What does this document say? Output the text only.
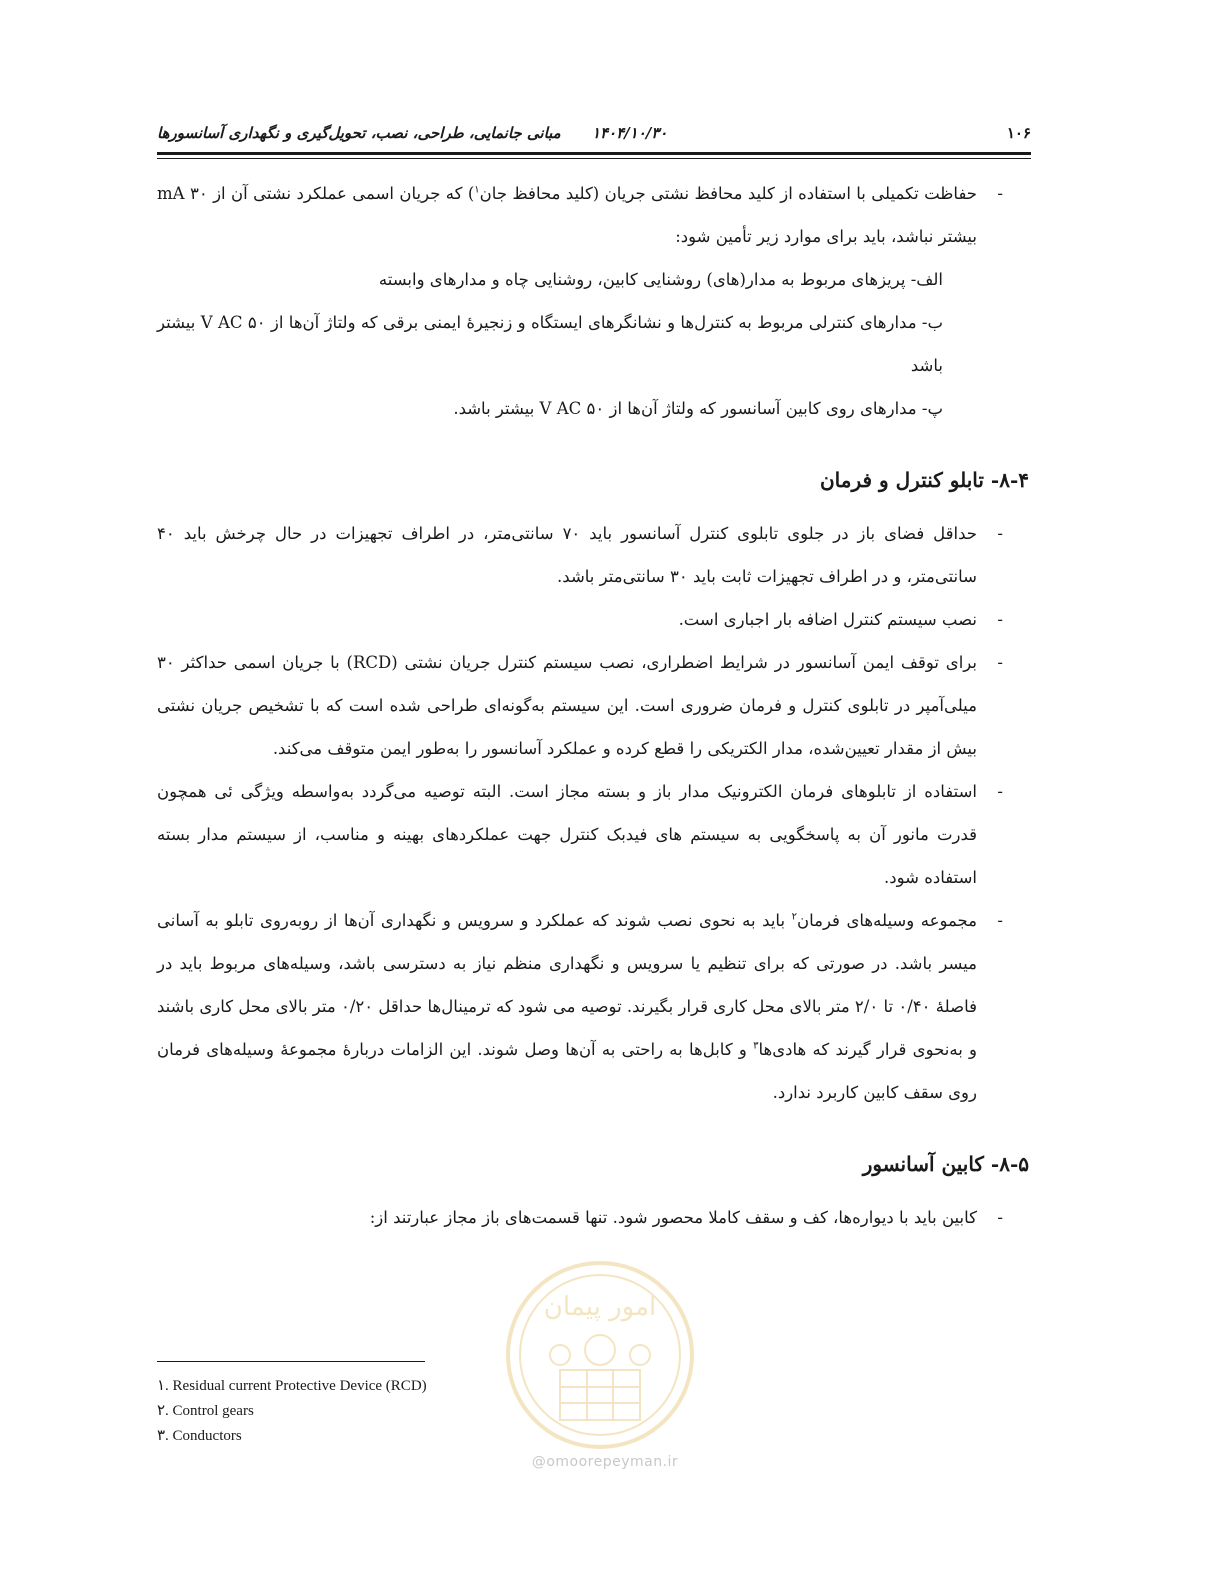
۱۰۶
۱۴۰۴/۱۰/۳۰ مبانی جانمایی، طراحی، نصب، تحویل‌گیری و نگهداری آسانسورها
-
حفاظت تکمیلی با استفاده از کلید محافظ نشتی جریان (کلید محافظ جان$^۱$) که جریان اسمی عملکرد نشتی آن از ۳۰ mA بیشتر نباشد، باید برای موارد زیر تأمین شود:
الف- پریزهای مربوط به مدار(های) روشنایی کابین، روشنایی چاه و مدارهای وابسته
ب- مدارهای کنترلی مربوط به کنترل‌ها و نشانگرهای ایستگاه و زنجیرهٔ ایمنی برقی که ولتاژ آن‌ها از V AC ۵۰ بیشتر باشد
پ- مدارهای روی کابین آسانسور که ولتاژ آن‌ها از ۵۰ V AC بیشتر باشد.
۸-۴- تابلو کنترل و فرمان
-
حداقل فضای باز در جلوی تابلوی کنترل آسانسور باید ۷۰ سانتی‌متر، در اطراف تجهیزات در حال چرخش باید ۴۰ سانتی‌متر، و در اطراف تجهیزات ثابت باید ۳۰ سانتی‌متر باشد.
-
نصب سیستم کنترل اضافه بار اجباری است.
-
برای توقف ایمن آسانسور در شرایط اضطراری، نصب سیستم کنترل جریان نشتی (RCD) با جریان اسمی حداکثر ۳۰ میلی‌آمپر در تابلوی کنترل و فرمان ضروری است. این سیستم به‌گونه‌ای طراحی شده است که با تشخیص جریان نشتی بیش از مقدار تعیین‌شده، مدار الکتریکی را قطع کرده و عملکرد آسانسور را به‌طور ایمن متوقف می‌کند.
-
استفاده از تابلوهای فرمان الکترونیک مدار باز و بسته مجاز است. البته توصیه می‌گردد به‌واسطه ویژگی ئی همچون قدرت مانور آن به پاسخگویی به سیستم های فیدبک کنترل جهت عملکردهای بهینه و مناسب، از سیستم مدار بسته استفاده شود.
-
مجموعه وسیله‌های فرمان$^۲$ باید به نحوی نصب شوند که عملکرد و سرویس و نگهداری آن‌ها از روبه‌روی تابلو به آسانی میسر باشد. در صورتی که برای تنظیم یا سرویس و نگهداری منظم نیاز به دسترسی باشد، وسیله‌های مربوط باید در فاصلهٔ ۰/۴۰ تا ۲/۰ متر بالای محل کاری قرار بگیرند. توصیه می شود که ترمینال‌ها حداقل ۰/۲۰ متر بالای محل کاری باشند و به‌نحوی قرار گیرند که هادی‌ها$^۳$ و کابل‌ها به راحتی به آن‌ها وصل شوند. این الزامات دربارهٔ مجموعهٔ وسیله‌های فرمان روی سقف کابین کاربرد ندارد.
۸-۵- کابین آسانسور
-
کابین باید با دیواره‌ها، کف و سقف کاملا محصور شود. تنها قسمت‌های باز مجاز عبارتند از:
۱. Residual current Protective Device (RCD)
۲. Control gears
۳. Conductors
امور پیمان
@omoorepeyman.ir
